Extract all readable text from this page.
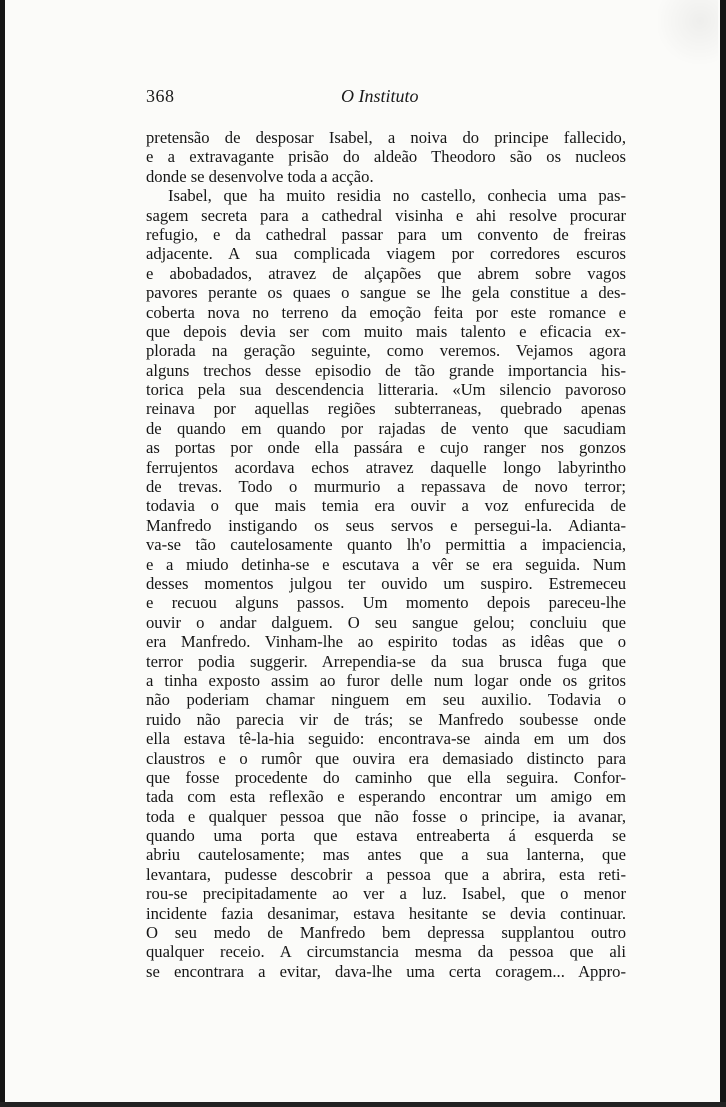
368	O Instituto
pretensão de desposar Isabel, a noiva do principe fallecido,
e a extravagante prisão do aldeão Theodoro são os nucleos
donde se desenvolve toda a acção.
Isabel, que ha muito residia no castello, conhecia uma pas-
sagem secreta para a cathedral visinha e ahi resolve procurar
refugio, e da cathedral passar para um convento de freiras
adjacente. A sua complicada viagem por corredores escuros
e abobadados, atravez de alçapões que abrem sobre vagos
pavores perante os quaes o sangue se lhe gela constitue a des-
coberta nova no terreno da emoção feita por este romance e
que depois devia ser com muito mais talento e eficacia ex-
plorada na geração seguinte, como veremos. Vejamos agora
alguns trechos desse episodio de tão grande importancia his-
torica pela sua descendencia litteraria. «Um silencio pavoroso
reinava por aquellas regiões subterraneas, quebrado apenas
de quando em quando por rajadas de vento que sacudiam
as portas por onde ella passára e cujo ranger nos gonzos
ferrujentos acordava echos atravez daquelle longo labyrintho
de trevas. Todo o murmurio a repassava de novo terror;
todavia o que mais temia era ouvir a voz enfurecida de
Manfredo instigando os seus servos e persegui-la. Adianta-
va-se tão cautelosamente quanto lh'o permittia a impaciencia,
e a miudo detinha-se e escutava a vêr se era seguida. Num
desses momentos julgou ter ouvido um suspiro. Estremeceu
e recuou alguns passos. Um momento depois pareceu-lhe
ouvir o andar dalguem. O seu sangue gelou; concluiu que
era Manfredo. Vinham-lhe ao espirito todas as idêas que o
terror podia suggerir. Arrependia-se da sua brusca fuga que
a tinha exposto assim ao furor delle num logar onde os gritos
não poderiam chamar ninguem em seu auxilio. Todavia o
ruido não parecia vir de trás; se Manfredo soubesse onde
ella estava tê-la-hia seguido: encontrava-se ainda em um dos
claustros e o rumôr que ouvira era demasiado distincto para
que fosse procedente do caminho que ella seguira. Confor-
tada com esta reflexão e esperando encontrar um amigo em
toda e qualquer pessoa que não fosse o principe, ia avanar,
quando uma porta que estava entreaberta á esquerda se
abriu cautelosamente; mas antes que a sua lanterna, que
levantara, pudesse descobrir a pessoa que a abrira, esta reti-
rou-se precipitadamente ao ver a luz. Isabel, que o menor
incidente fazia desanimar, estava hesitante se devia continuar.
O seu medo de Manfredo bem depressa supplantou outro
qualquer receio. A circumstancia mesma da pessoa que ali
se encontrara a evitar, dava-lhe uma certa coragem... Appro-
